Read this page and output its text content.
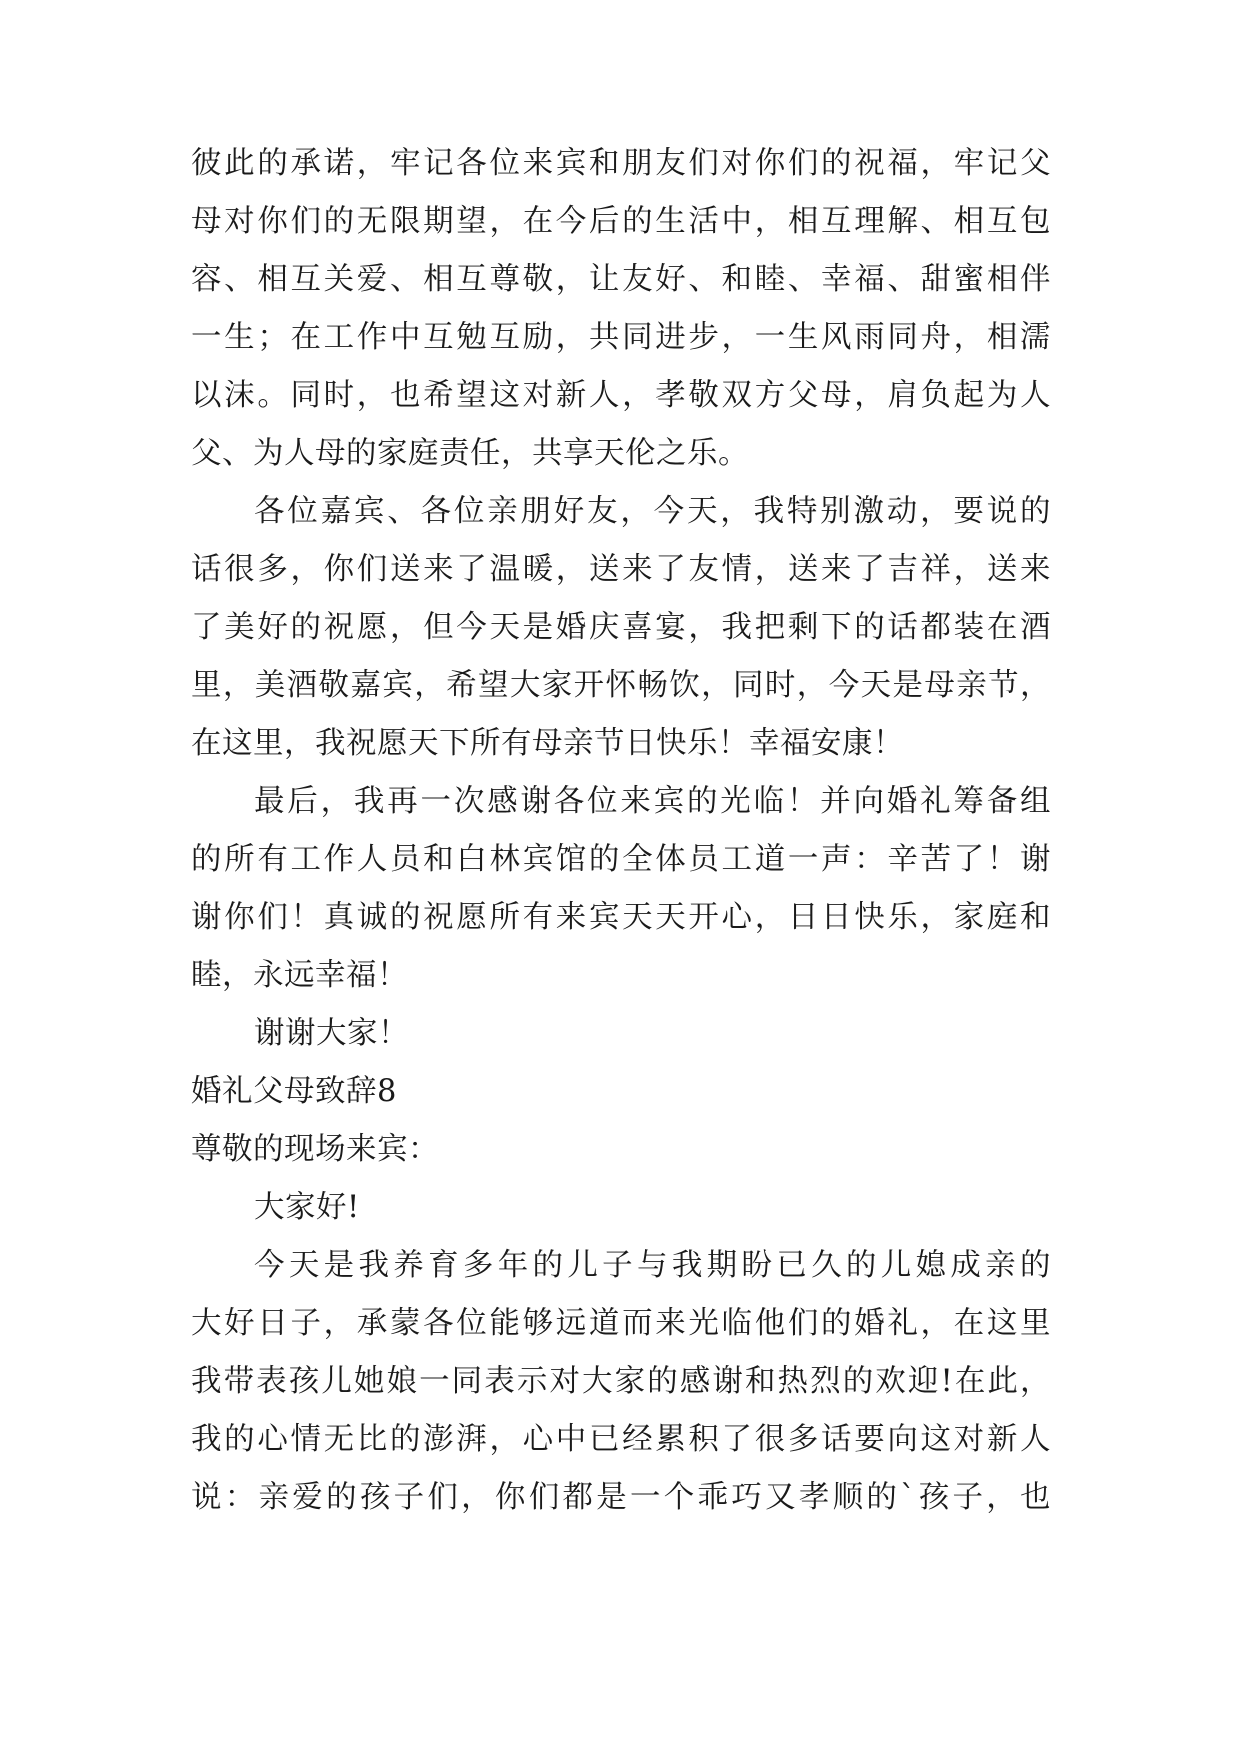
彼此的承诺，牢记各位来宾和朋友们对你们的祝福，牢记父

母对你们的无限期望，在今后的生活中，相互理解、相互包

容、相互关爱、相互尊敬，让友好、和睦、幸福、甜蜜相伴

一生；在工作中互勉互励，共同进步，一生风雨同舟，相濡

以沫。同时，也希望这对新人，孝敬双方父母，肩负起为人

父、为人母的家庭责任，共享天伦之乐。

各位嘉宾、各位亲朋好友，今天，我特别激动，要说的

话很多，你们送来了温暖，送来了友情，送来了吉祥，送来

了美好的祝愿，但今天是婚庆喜宴，我把剩下的话都装在酒

里，美酒敬嘉宾，希望大家开怀畅饮，同时，今天是母亲节，

在这里，我祝愿天下所有母亲节日快乐！幸福安康！

最后，我再一次感谢各位来宾的光临！并向婚礼筹备组

的所有工作人员和白林宾馆的全体员工道一声：辛苦了！谢

谢你们！真诚的祝愿所有来宾天天开心，日日快乐，家庭和

睦，永远幸福！

谢谢大家！

婚礼父母致辞8

尊敬的现场来宾：

大家好!

今天是我养育多年的儿子与我期盼已久的儿媳成亲的

大好日子，承蒙各位能够远道而来光临他们的婚礼，在这里

我带表孩儿她娘一同表示对大家的感谢和热烈的欢迎!在此，

我的心情无比的澎湃，心中已经累积了很多话要向这对新人

说：亲爱的孩子们，你们都是一个乖巧又孝顺的`孩子，也
